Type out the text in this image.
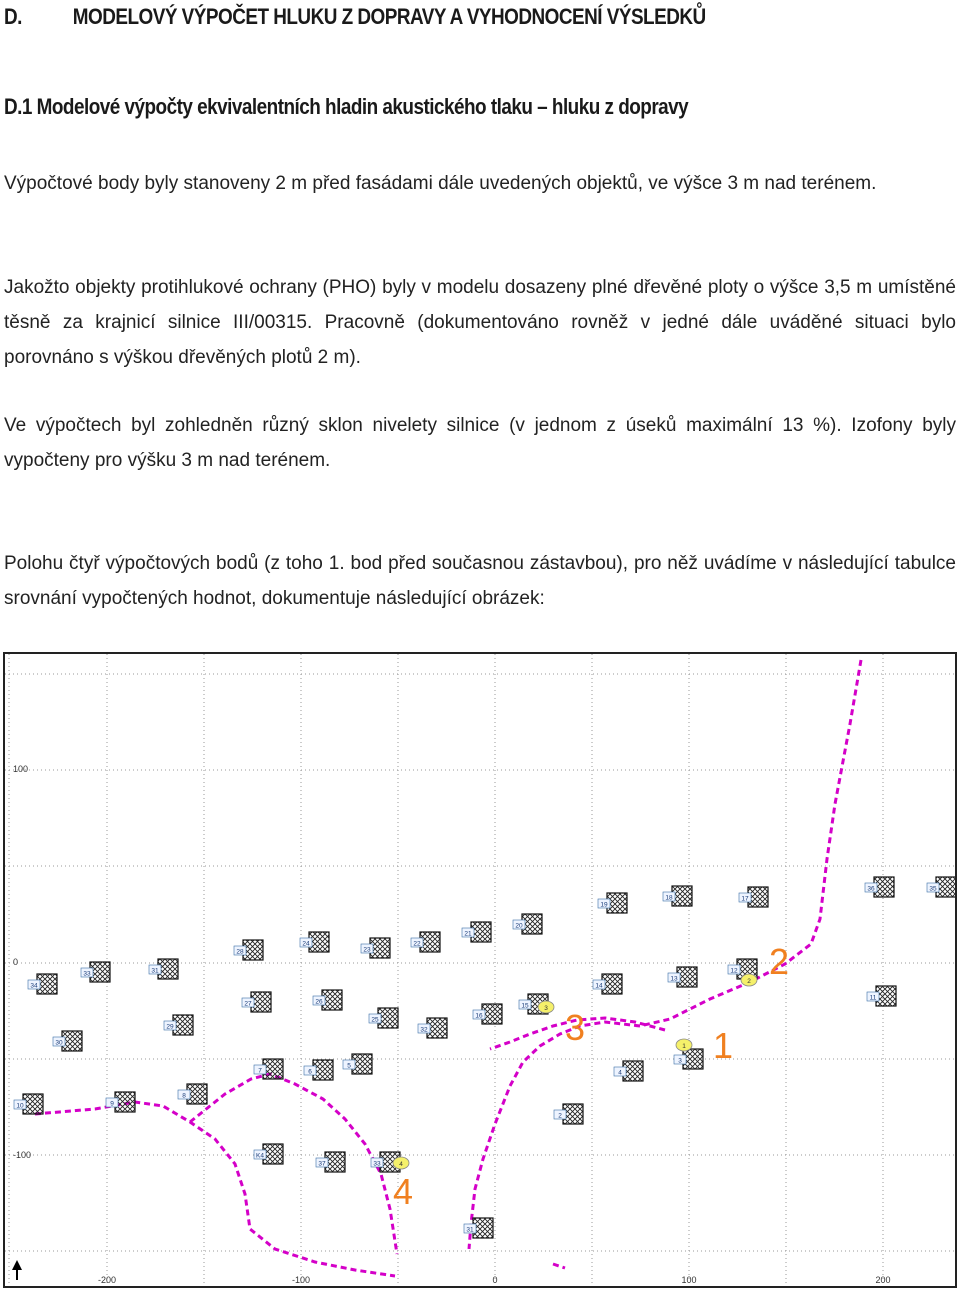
D. MODELOVÝ VÝPOČET HLUKU Z DOPRAVY A VYHODNOCENÍ VÝSLEDKŮ
D.1 Modelové výpočty ekvivalentních hladin akustického tlaku – hluku z dopravy
Výpočtové body byly stanoveny 2 m před fasádami dále uvedených objektů, ve výšce 3 m nad terénem.
Jakožto objekty protihlukové ochrany (PHO) byly v modelu dosazeny plné dřevěné ploty o výšce 3,5 m umístěné těsně za krajnicí silnice III/00315. Pracovně (dokumentováno rovněž v jedné dále uváděné situaci bylo porovnáno s výškou dřevěných plotů 2 m).
Ve výpočtech byl zohledněn různý sklon nivelety silnice (v jednom z úseků maximální 13 %). Izofony byly vypočteny pro výšku 3 m nad terénem.
Polohu čtyř výpočtových bodů (z toho 1. bod před současnou zástavbou), pro něž uvádíme v následující tabulce srovnání vypočtených hodnot, dokumentuje následující obrázek:
100
0
-100
-200	-100	0	100	200
33	31
28
24
23
22
21
20
19
18	17
36	35
34
30
29
27	26
25
32
16
15
14
13
12
11
10	9
8
7	6
5
4
3
2
K4
37	33
31
1 1
2 2
3 3
4
4
